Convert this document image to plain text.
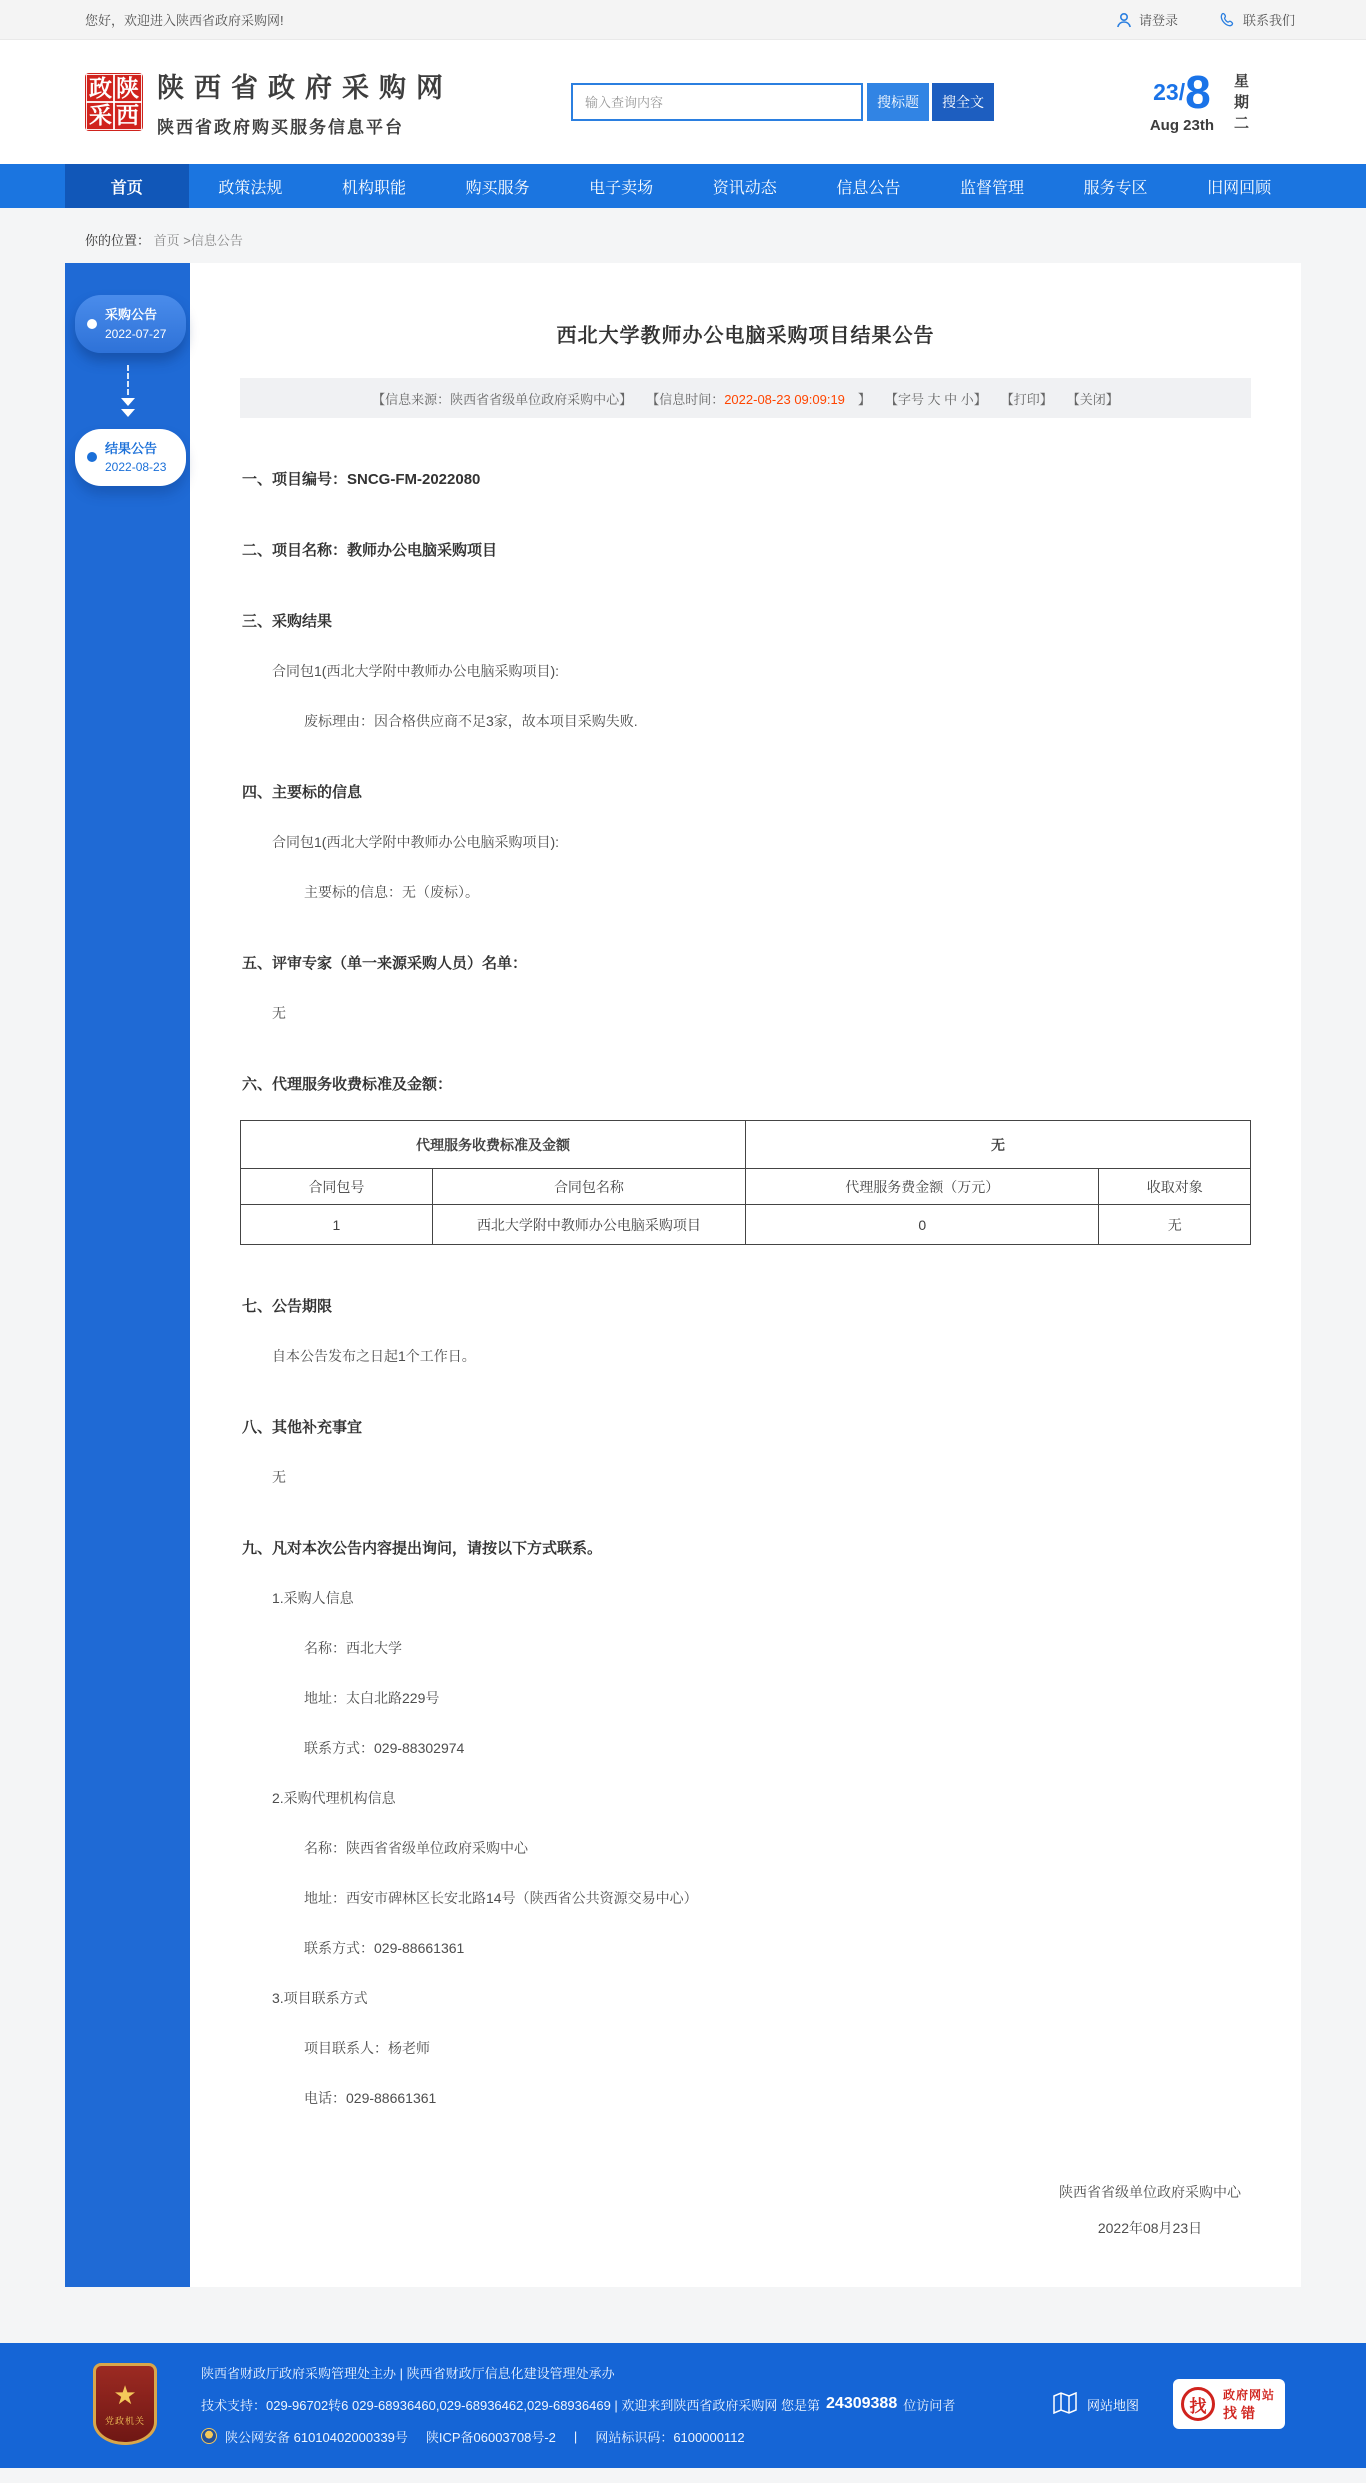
您好，欢迎进入陕西省政府采购网!	请登录	联系我们
政 陕
采 西
陕西省政府采购网
陕西省政府购买服务信息平台
输入查询内容
搜标题	搜全文	23/8
Aug 23th 星期二
首页	政策法规	机构职能	购买服务	电子卖场	资讯动态	信息公告	监督管理	服务专区	旧网回顾
你的位置： 首页 >信息公告
采购公告
2022-07-27
结果公告
2022-08-23
西北大学教师办公电脑采购项目结果公告
【信息来源：陕西省省级单位政府采购中心】 【信息时间：2022-08-23 09:09:19　】 【字号 大 中 小】 【打印】 【关闭】
一、项目编号：SNCG-FM-2022080
二、项目名称：教师办公电脑采购项目
三、采购结果
合同包1(西北大学附中教师办公电脑采购项目):
废标理由：因合格供应商不足3家，故本项目采购失败.
四、主要标的信息
合同包1(西北大学附中教师办公电脑采购项目):
主要标的信息：无（废标）。
五、评审专家（单一来源采购人员）名单：
无
六、代理服务收费标准及金额：
代理服务收费标准及金额		无	
合同包号	合同包名称	代理服务费金额（万元）	收取对象
1	西北大学附中教师办公电脑采购项目	0	无
七、公告期限
自本公告发布之日起1个工作日。
八、其他补充事宜
无
九、凡对本次公告内容提出询问，请按以下方式联系。
1.采购人信息
名称：西北大学
地址：太白北路229号
联系方式：029-88302974
2.采购代理机构信息
名称：陕西省省级单位政府采购中心
地址：西安市碑林区长安北路14号（陕西省公共资源交易中心）
联系方式：029-88661361
3.项目联系方式
项目联系人：杨老师
电话：029-88661361
陕西省省级单位政府采购中心
2022年08月23日
★
党政机关
陕西省财政厅政府采购管理处主办 | 陕西省财政厅信息化建设管理处承办
技术支持：029-96702转6 029-68936460,029-68936462,029-68936469 | 欢迎来到陕西省政府采购网 您是第 24309388 位访问者
陕公网安备 61010402000339号 陕ICP备06003708号-2 | 网站标识码：6100000112
网站地图	找
政府网站
找错
